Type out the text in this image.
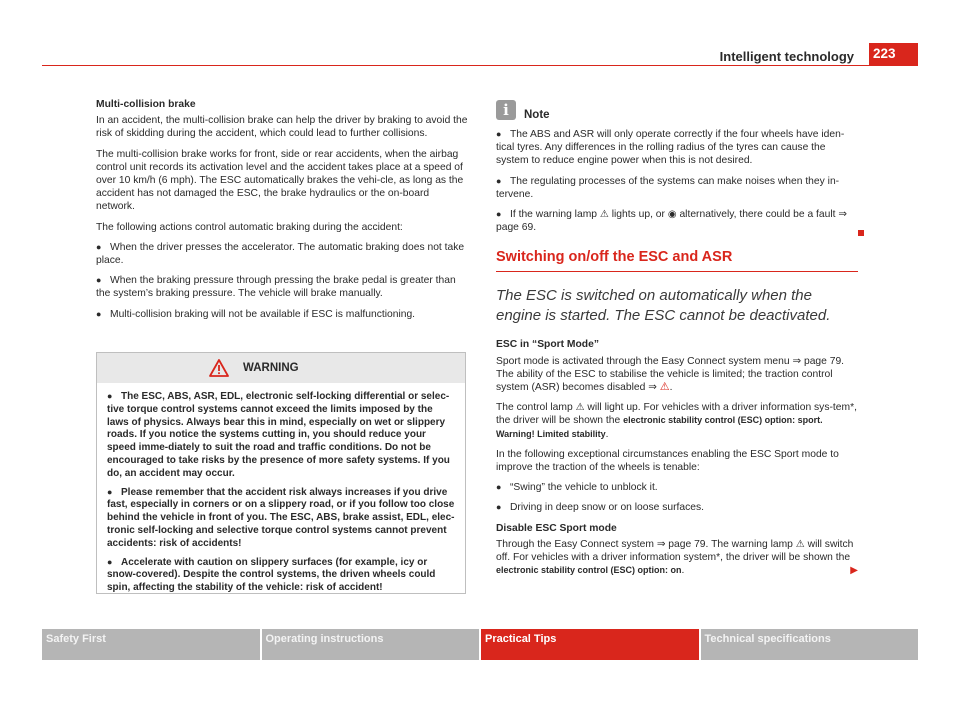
Intelligent technology 223

Multi-collision brake

In an accident, the multi-collision brake can help the driver by braking to avoid the risk of skidding during the accident, which could lead to further collisions.

The multi-collision brake works for front, side or rear accidents, when the airbag control unit records its activation level and the accident takes place at a speed of over 10 km/h (6 mph). The ESC automatically brakes the vehi-cle, as long as the accident has not damaged the ESC, the brake hydraulics or the on-board network.

The following actions control automatic braking during the accident:

● When the driver presses the accelerator. The automatic braking does not take place.

● When the braking pressure through pressing the brake pedal is greater than the system’s braking pressure. The vehicle will brake manually.

● Multi-collision braking will not be available if ESC is malfunctioning.

WARNING

● The ESC, ABS, ASR, EDL, electronic self-locking differential or selec-tive torque control systems cannot exceed the limits imposed by the laws of physics. Always bear this in mind, especially on wet or slippery roads. If you notice the systems cutting in, you should reduce your speed imme-diately to suit the road and traffic conditions. Do not be encouraged to take risks by the presence of more safety systems. If you do, an accident may occur.

● Please remember that the accident risk always increases if you drive fast, especially in corners or on a slippery road, or if you follow too close behind the vehicle in front of you. The ESC, ABS, brake assist, EDL, elec-tronic self-locking and selective torque control systems cannot prevent accidents: risk of accidents!

● Accelerate with caution on slippery surfaces (for example, icy or snow-covered). Despite the control systems, the driven wheels could spin, affecting the stability of the vehicle: risk of accident!

i	Note

● The ABS and ASR will only operate correctly if the four wheels have iden-tical tyres. Any differences in the rolling radius of the tyres can cause the system to reduce engine power when this is not desired.

● The regulating processes of the systems can make noises when they in-tervene.

● If the warning lamp ⚠ lights up, or ◉ alternatively, there could be a fault ⇒ page 69.

Switching on/off the ESC and ASR

The ESC is switched on automatically when the engine is started. The ESC cannot be deactivated.

ESC in “Sport Mode”

Sport mode is activated through the Easy Connect system menu ⇒ page 79. The ability of the ESC to stabilise the vehicle is limited; the traction control system (ASR) becomes disabled ⇒ ⚠.

The control lamp ⚠ will light up. For vehicles with a driver information sys-tem*, the driver will be shown the electronic stability control (ESC) option: sport. Warning! Limited stability.

In the following exceptional circumstances enabling the ESC Sport mode to improve the traction of the wheels is tenable:

● “Swing” the vehicle to unblock it.

● Driving in deep snow or on loose surfaces.

Disable ESC Sport mode

Through the Easy Connect system ⇒ page 79. The warning lamp ⚠ will switch off. For vehicles with a driver information system*, the driver will be shown the electronic stability control (ESC) option: on.	▶

Safety First	Operating instructions	Practical Tips	Technical specifications
